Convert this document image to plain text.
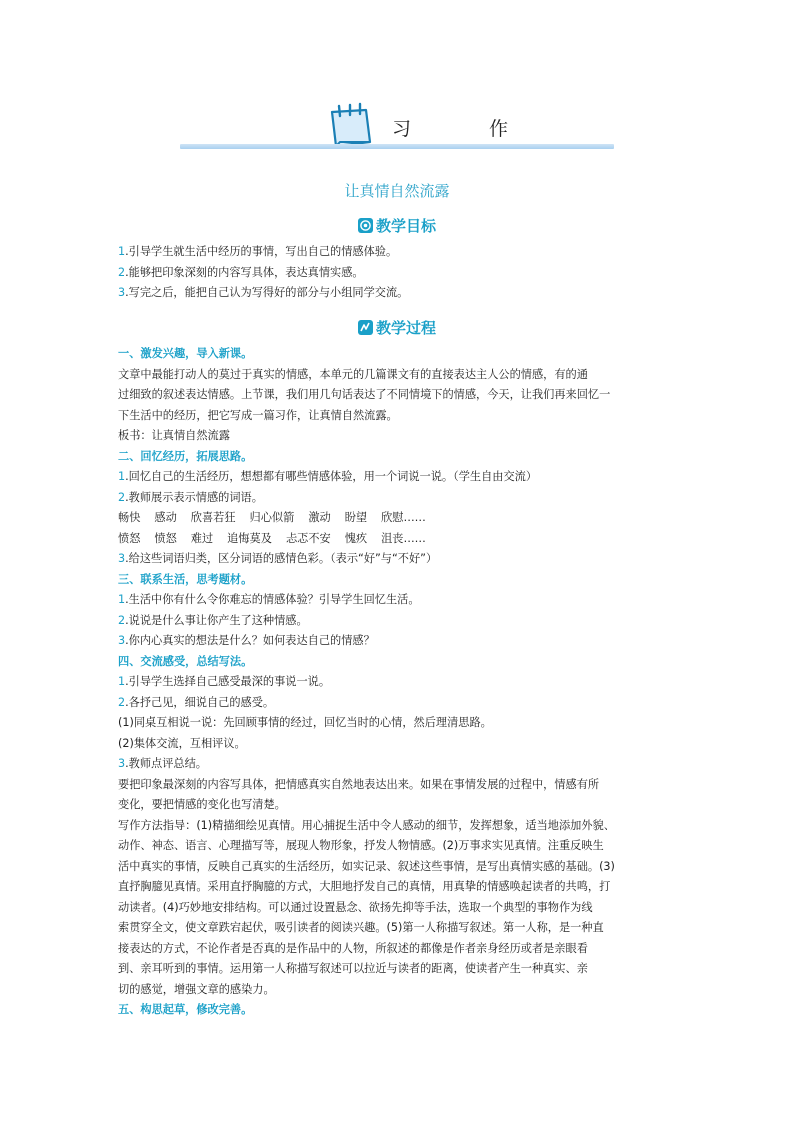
习 作
让真情自然流露
教学目标
1.引导学生就生活中经历的事情，写出自己的情感体验。
2.能够把印象深刻的内容写具体，表达真情实感。
3.写完之后，能把自己认为写得好的部分与小组同学交流。
教学过程
一、激发兴趣，导入新课。
文章中最能打动人的莫过于真实的情感，本单元的几篇课文有的直接表达主人公的情感，有的通
过细致的叙述表达情感。上节课，我们用几句话表达了不同情境下的情感，今天，让我们再来回忆一
下生活中的经历，把它写成一篇习作，让真情自然流露。
板书：让真情自然流露
二、回忆经历，拓展思路。
1.回忆自己的生活经历，想想都有哪些情感体验，用一个词说一说。（学生自由交流）
2.教师展示表示情感的词语。
畅快 感动 欣喜若狂 归心似箭 激动 盼望 欣慰……
愤怒 愤怒 难过 追悔莫及 忐忑不安 愧疚 沮丧……
3.给这些词语归类，区分词语的感情色彩。（表示“好”与“不好”）
三、联系生活，思考题材。
1.生活中你有什么令你难忘的情感体验？引导学生回忆生活。
2.说说是什么事让你产生了这种情感。
3.你内心真实的想法是什么？如何表达自己的情感？
四、交流感受，总结写法。
1.引导学生选择自己感受最深的事说一说。
2.各抒己见，细说自己的感受。
(1)同桌互相说一说：先回顾事情的经过，回忆当时的心情，然后理清思路。
(2)集体交流，互相评议。
3.教师点评总结。
要把印象最深刻的内容写具体，把情感真实自然地表达出来。如果在事情发展的过程中，情感有所
变化，要把情感的变化也写清楚。
写作方法指导：(1)精描细绘见真情。用心捕捉生活中令人感动的细节，发挥想象，适当地添加外貌、
动作、神态、语言、心理描写等，展现人物形象，抒发人物情感。(2)万事求实见真情。注重反映生
活中真实的事情，反映自己真实的生活经历，如实记录、叙述这些事情，是写出真情实感的基础。(3)
直抒胸臆见真情。采用直抒胸臆的方式，大胆地抒发自己的真情，用真挚的情感唤起读者的共鸣，打
动读者。(4)巧妙地安排结构。可以通过设置悬念、欲扬先抑等手法，选取一个典型的事物作为线
索贯穿全文，使文章跌宕起伏，吸引读者的阅读兴趣。(5)第一人称描写叙述。第一人称，是一种直
接表达的方式，不论作者是否真的是作品中的人物，所叙述的都像是作者亲身经历或者是亲眼看
到、亲耳听到的事情。运用第一人称描写叙述可以拉近与读者的距离，使读者产生一种真实、亲
切的感觉，增强文章的感染力。
五、构思起草，修改完善。
